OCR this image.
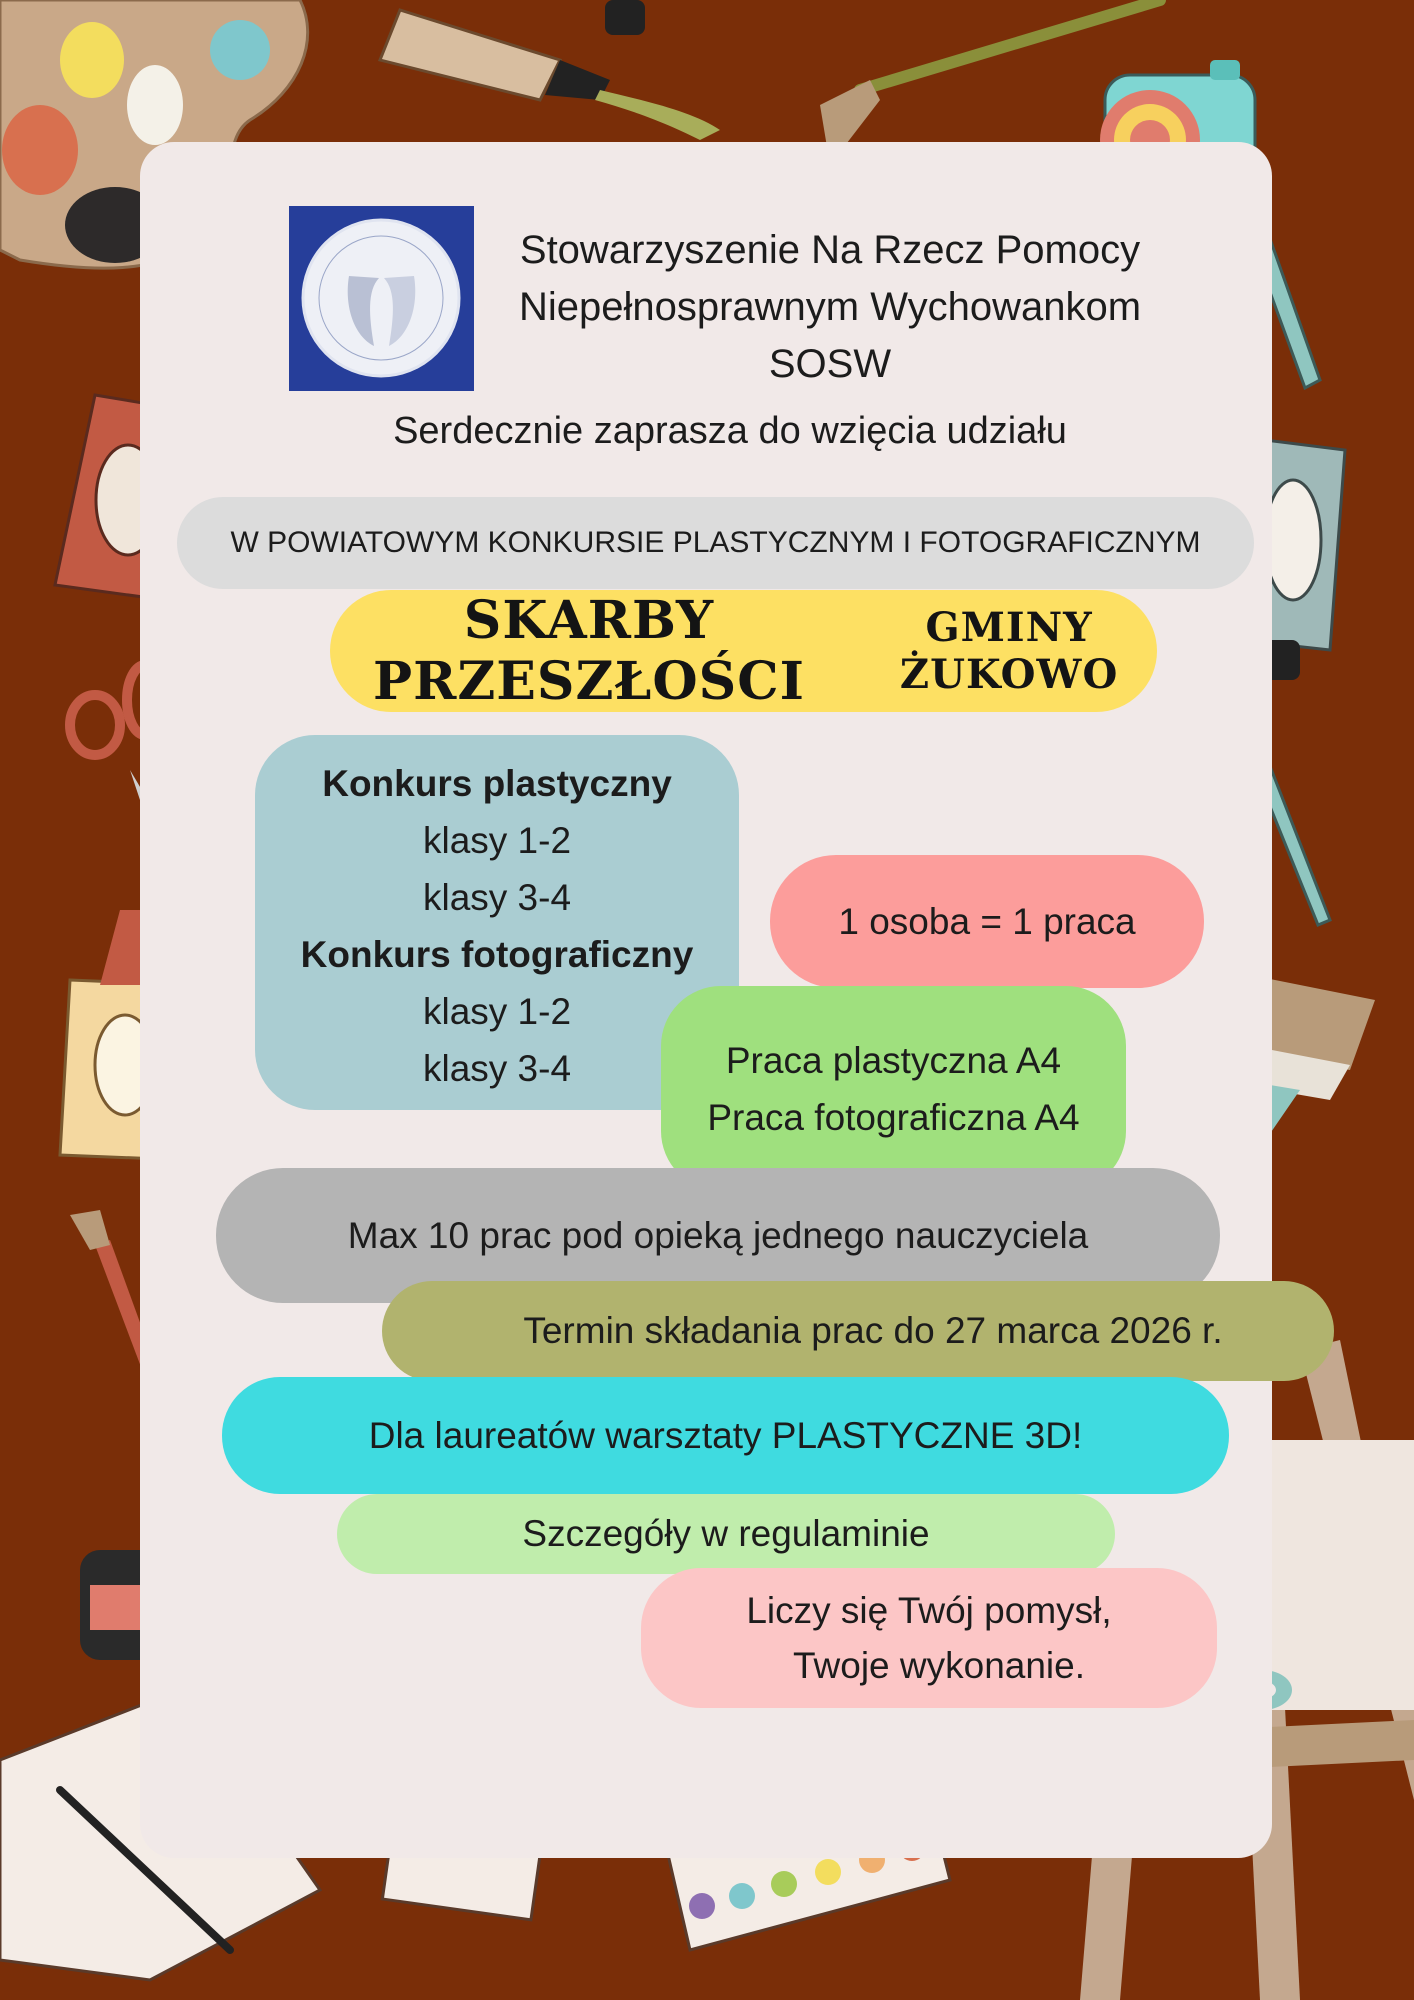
Stowarzyszenie Na Rzecz Pomocy
Niepełnosprawnym Wychowankom
SOSW
Serdecznie zaprasza do wzięcia udziału
W POWIATOWYM KONKURSIE PLASTYCZNYM I FOTOGRAFICZNYM
SKARBY PRZESZŁOŚCI
GMINY ŻUKOWO
Konkurs plastyczny
klasy 1-2
klasy 3-4
Konkurs fotograficzny
klasy 1-2
klasy 3-4
1 osoba = 1 praca
Praca plastyczna A4
Praca fotograficzna A4
Max 10 prac pod opieką jednego nauczyciela
Termin składania prac do 27 marca 2026 r.
Dla laureatów warsztaty PLASTYCZNE 3D!
Szczegóły w regulaminie
Liczy się Twój pomysł,
Twoje wykonanie.
